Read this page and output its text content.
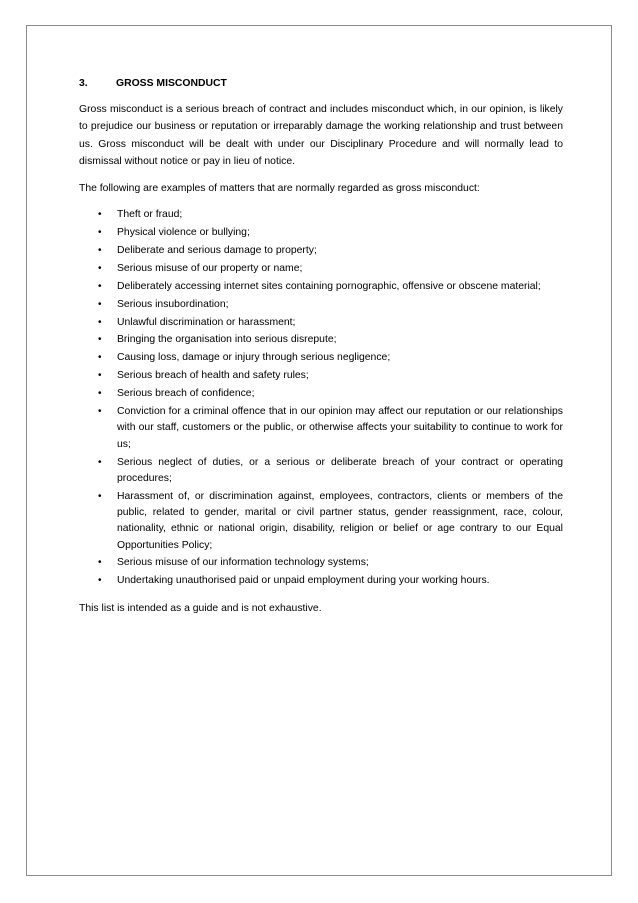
3.	GROSS MISCONDUCT

Gross misconduct is a serious breach of contract and includes misconduct which, in our opinion, is likely to prejudice our business or reputation or irreparably damage the working relationship and trust between us. Gross misconduct will be dealt with under our Disciplinary Procedure and will normally lead to dismissal without notice or pay in lieu of notice.

The following are examples of matters that are normally regarded as gross misconduct:

• Theft or fraud;
• Physical violence or bullying;
• Deliberate and serious damage to property;
• Serious misuse of our property or name;
• Deliberately accessing internet sites containing pornographic, offensive or obscene material;
• Serious insubordination;
• Unlawful discrimination or harassment;
• Bringing the organisation into serious disrepute;
• Causing loss, damage or injury through serious negligence;
• Serious breach of health and safety rules;
• Serious breach of confidence;
• Conviction for a criminal offence that in our opinion may affect our reputation or our relationships with our staff, customers or the public, or otherwise affects your suitability to continue to work for us;
• Serious neglect of duties, or a serious or deliberate breach of your contract or operating procedures;
• Harassment of, or discrimination against, employees, contractors, clients or members of the public, related to gender, marital or civil partner status, gender reassignment, race, colour, nationality, ethnic or national origin, disability, religion or belief or age contrary to our Equal Opportunities Policy;
• Serious misuse of our information technology systems;
• Undertaking unauthorised paid or unpaid employment during your working hours.

This list is intended as a guide and is not exhaustive.
